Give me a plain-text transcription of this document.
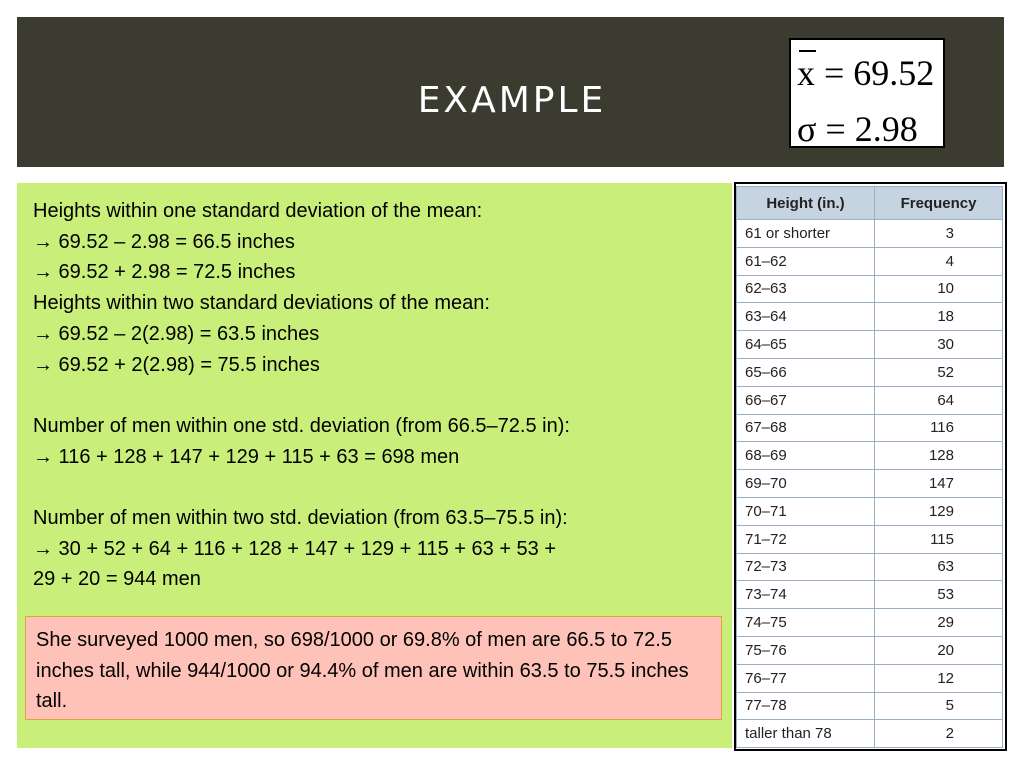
EXAMPLE
x = 69.52
σ = 2.98
Heights within one standard deviation of the mean:
→ 69.52 – 2.98 = 66.5 inches
→ 69.52 + 2.98 = 72.5 inches
Heights within two standard deviations of the mean:
→ 69.52 – 2(2.98) = 63.5 inches
→ 69.52 + 2(2.98) = 75.5 inches
Number of men within one std. deviation (from 66.5–72.5 in):
→ 116 + 128 + 147 + 129 + 115 + 63 = 698 men
Number of men within two std. deviation (from 63.5–75.5 in):
→ 30 + 52 + 64 + 116 + 128 + 147 + 129 + 115 + 63 + 53 +
29 + 20 = 944 men
She surveyed 1000 men, so 698/1000 or 69.8% of men are 66.5 to 72.5 inches tall, while 944/1000 or 94.4% of men are within 63.5 to 75.5 inches tall.
Height (in.)	Frequency
61 or shorter	3
61–62	4
62–63	10
63–64	18
64–65	30
65–66	52
66–67	64
67–68	116
68–69	128
69–70	147
70–71	129
71–72	115
72–73	63
73–74	53
74–75	29
75–76	20
76–77	12
77–78	5
taller than 78	2
